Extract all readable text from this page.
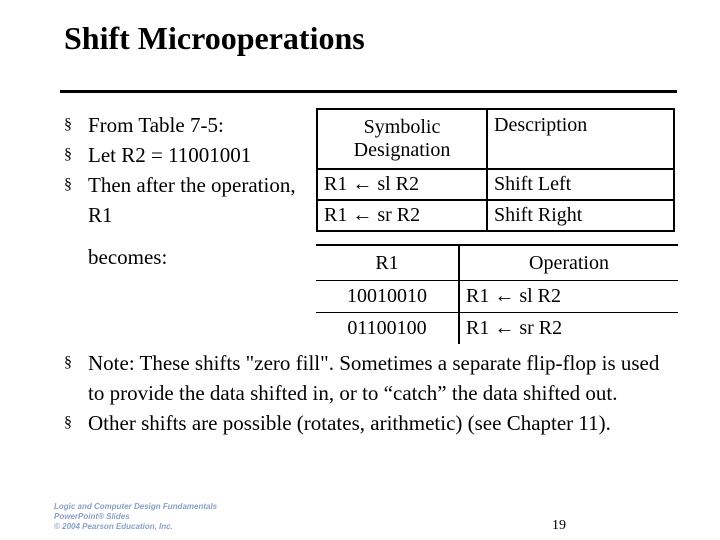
Shift Microoperations
§ From Table 7-5:
§ Let R2 = 11001001
§ Then after the operation, R1
becomes:
Symbolic Designation	Description
R1 ← sl R2	Shift Left
R1 ← sr R2	Shift Right
R1	Operation
10010010	R1 ← sl R2
01100100	R1 ← sr R2
§ Note: These shifts "zero fill". Sometimes a separate flip-flop is used to provide the data shifted in, or to “catch” the data shifted out.
§ Other shifts are possible (rotates, arithmetic) (see Chapter 11).
Logic and Computer Design Fundamentals
PowerPoint® Slides
© 2004 Pearson Education, Inc.	19
